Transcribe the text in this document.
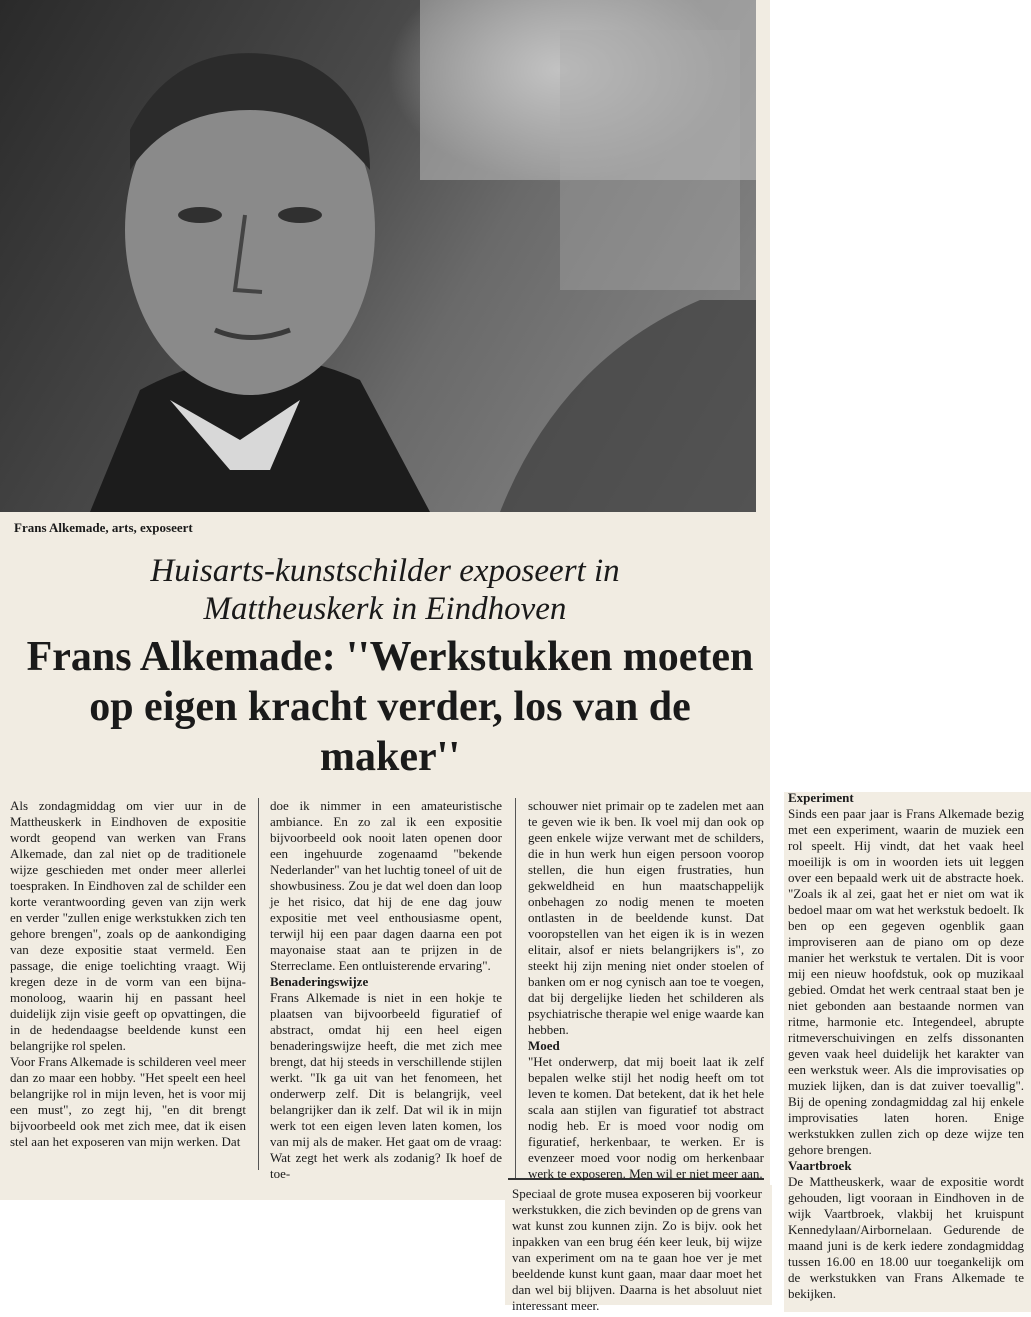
Frans Alkemade, arts, exposeert
Huisarts-kunstschilder exposeert in Mattheuskerk in Eindhoven
Frans Alkemade: ''Werkstukken moeten op eigen kracht verder, los van de maker''

Als zondagmiddag om vier uur in de Mattheuskerk in Eindhoven de expositie wordt geopend van werken van Frans Alkemade, dan zal niet op de traditionele wijze geschieden met onder meer allerlei toespraken. In Eindhoven zal de schilder een korte verantwoording geven van zijn werk en verder "zullen enige werkstukken zich ten gehore brengen", zoals op de aankondiging van deze expositie staat vermeld. Een passage, die enige toelichting vraagt. Wij kregen deze in de vorm van een bijna-monoloog, waarin hij en passant heel duidelijk zijn visie geeft op opvattingen, die in de hedendaagse beeldende kunst een belangrijke rol spelen.

Voor Frans Alkemade is schilderen veel meer dan zo maar een hobby. "Het speelt een heel belangrijke rol in mijn leven, het is voor mij een must", zo zegt hij, "en dit brengt bijvoorbeeld ook met zich mee, dat ik eisen stel aan het exposeren van mijn werken. Dat

doe ik nimmer in een amateuristische ambiance. En zo zal ik een expositie bijvoorbeeld ook nooit laten openen door een ingehuurde zogenaamd "bekende Nederlander" van het luchtig toneel of uit de showbusiness. Zou je dat wel doen dan loop je het risico, dat hij de ene dag jouw expositie met veel enthousiasme opent, terwijl hij een paar dagen daarna een pot mayonaise staat aan te prijzen in de Sterreclame. Een ontluisterende ervaring".

Benaderingswijze

Frans Alkemade is niet in een hokje te plaatsen van bijvoorbeeld figuratief of abstract, omdat hij een heel eigen benaderingswijze heeft, die met zich mee brengt, dat hij steeds in verschillende stijlen werkt. "Ik ga uit van het fenomeen, het onderwerp zelf. Dit is belangrijk, veel belangrijker dan ik zelf. Dat wil ik in mijn werk tot een eigen leven laten komen, los van mij als de maker. Het gaat om de vraag: Wat zegt het werk als zodanig? Ik hoef de toe-

schouwer niet primair op te zadelen met aan te geven wie ik ben. Ik voel mij dan ook op geen enkele wijze verwant met de schilders, die in hun werk hun eigen persoon voorop stellen, die hun eigen frustraties, hun gekweldheid en hun maatschappelijk onbehagen zo nodig menen te moeten ontlasten in de beeldende kunst. Dat vooropstellen van het eigen ik is in wezen elitair, alsof er niets belangrijkers is", zo steekt hij zijn mening niet onder stoelen of banken om er nog cynisch aan toe te voegen, dat bij dergelijke lieden het schilderen als psychiatrische therapie wel enige waarde kan hebben.

Moed

"Het onderwerp, dat mij boeit laat ik zelf bepalen welke stijl het nodig heeft om tot leven te komen. Dat betekent, dat ik het hele scala aan stijlen van figuratief tot abstract nodig heb. Er is moed voor nodig om figuratief, herkenbaar, te werken. Er is evenzeer moed voor nodig om herkenbaar werk te exposeren. Men wil er niet meer aan.

Speciaal de grote musea exposeren bij voorkeur werkstukken, die zich bevinden op de grens van wat kunst zou kunnen zijn. Zo is bijv. ook het inpakken van een brug één keer leuk, bij wijze van experiment om na te gaan hoe ver je met beeldende kunst kunt gaan, maar daar moet het dan wel bij blijven. Daarna is het absoluut niet interessant meer.

Experiment

Sinds een paar jaar is Frans Alkemade bezig met een experiment, waarin de muziek een rol speelt. Hij vindt, dat het vaak heel moeilijk is om in woorden iets uit leggen over een bepaald werk uit de abstracte hoek. "Zoals ik al zei, gaat het er niet om wat ik bedoel maar om wat het werkstuk bedoelt. Ik ben op een gegeven ogenblik gaan improviseren aan de piano om op deze manier het werkstuk te vertalen. Dit is voor mij een nieuw hoofdstuk, ook op muzikaal gebied. Omdat het werk centraal staat ben je niet gebonden aan bestaande normen van ritme, harmonie etc. Integendeel, abrupte ritmeverschuivingen en zelfs dissonanten geven vaak heel duidelijk het karakter van een werkstuk weer. Als die improvisaties op muziek lijken, dan is dat zuiver toevallig". Bij de opening zondagmiddag zal hij enkele improvisaties laten horen. Enige werkstukken zullen zich op deze wijze ten gehore brengen.

Vaartbroek

De Mattheuskerk, waar de expositie wordt gehouden, ligt vooraan in Eindhoven in de wijk Vaartbroek, vlakbij het kruispunt Kennedylaan/Airbornelaan. Gedurende de maand juni is de kerk iedere zondagmiddag tussen 16.00 en 18.00 uur toegankelijk om de werkstukken van Frans Alkemade te bekijken.
